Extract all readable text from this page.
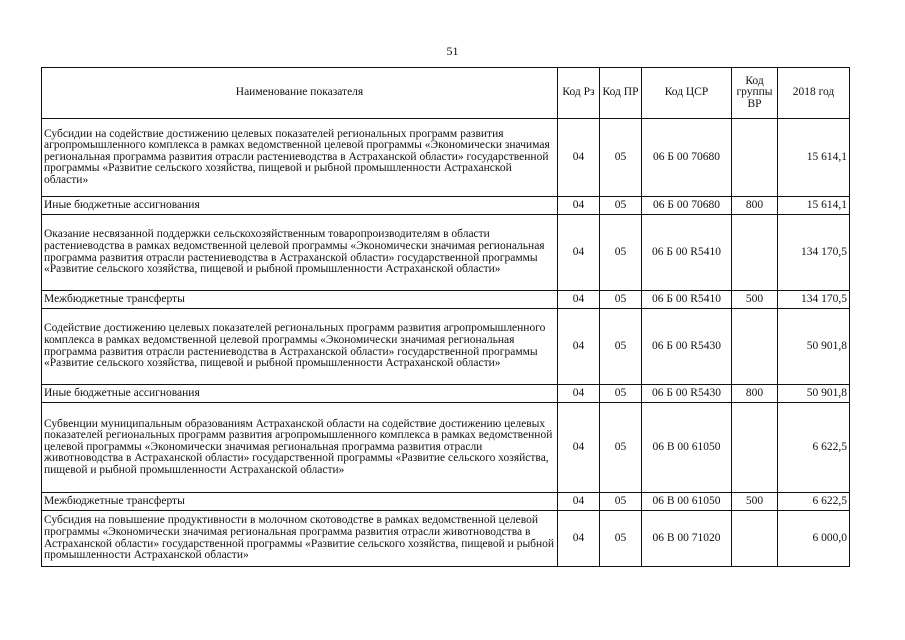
51
Наименование показателя	Код Рз	Код ПР	Код ЦСР	Код группы ВР	2018 год
Субсидии на содействие достижению целевых показателей региональных программ развития агропромышленного комплекса в рамках ведомственной целевой программы «Экономически значимая региональная программа развития отрасли растениеводства в Астраханской области» государственной программы «Развитие сельского хозяйства, пищевой и рыбной промышленности Астраханской области»	04	05	06 Б 00 70680		15 614,1
Иные бюджетные ассигнования	04	05	06 Б 00 70680	800	15 614,1
Оказание несвязанной поддержки сельскохозяйственным товаропроизводителям в области растениеводства в рамках ведомственной целевой программы «Экономически значимая региональная программа развития отрасли растениеводства в Астраханской области» государственной программы «Развитие сельского хозяйства, пищевой и рыбной промышленности Астраханской области»	04	05	06 Б 00 R5410		134 170,5
Межбюджетные трансферты	04	05	06 Б 00 R5410	500	134 170,5
Содействие достижению целевых показателей региональных программ развития агропромышленного комплекса в рамках ведомственной целевой программы «Экономически значимая региональная программа развития отрасли растениеводства в Астраханской области» государственной программы «Развитие сельского хозяйства, пищевой и рыбной промышленности Астраханской области»	04	05	06 Б 00 R5430		50 901,8
Иные бюджетные ассигнования	04	05	06 Б 00 R5430	800	50 901,8
Субвенции муниципальным образованиям Астраханской области на содействие достижению целевых показателей региональных программ развития агропромышленного комплекса в рамках ведомственной целевой программы «Экономически значимая региональная программа развития отрасли животноводства в Астраханской области» государственной программы «Развитие сельского хозяйства, пищевой и рыбной промышленности Астраханской области»	04	05	06 В 00 61050		6 622,5
Межбюджетные трансферты	04	05	06 В 00 61050	500	6 622,5
Субсидия на повышение продуктивности в молочном скотоводстве в рамках ведомственной целевой программы «Экономически значимая региональная программа развития отрасли животноводства в Астраханской области» государственной программы «Развитие сельского хозяйства, пищевой и рыбной промышленности Астраханской области»	04	05	06 В 00 71020		6 000,0
